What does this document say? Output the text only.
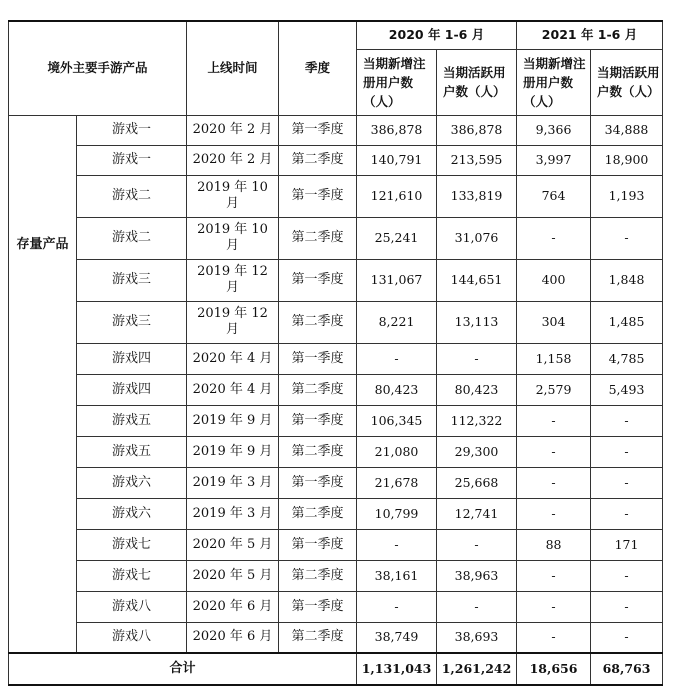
境外主要手游产品		上线时间	季度	2020 年 1-6 月		2021 年 1-6 月	
				当期新增注册用户数（人）	当期活跃用户数（人）	当期新增注册用户数（人）	当期活跃用户数（人）
存量产品	游戏一	2020 年 2 月	第一季度	386,878	386,878	9,366	34,888
	游戏一	2020 年 2 月	第二季度	140,791	213,595	3,997	18,900
	游戏二	2019 年 10 月	第一季度	121,610	133,819	764	1,193
	游戏二	2019 年 10 月	第二季度	25,241	31,076	-	-
	游戏三	2019 年 12 月	第一季度	131,067	144,651	400	1,848
	游戏三	2019 年 12 月	第二季度	8,221	13,113	304	1,485
	游戏四	2020 年 4 月	第一季度	-	-	1,158	4,785
	游戏四	2020 年 4 月	第二季度	80,423	80,423	2,579	5,493
	游戏五	2019 年 9 月	第一季度	106,345	112,322	-	-
	游戏五	2019 年 9 月	第二季度	21,080	29,300	-	-
	游戏六	2019 年 3 月	第一季度	21,678	25,668	-	-
	游戏六	2019 年 3 月	第二季度	10,799	12,741	-	-
	游戏七	2020 年 5 月	第一季度	-	-	88	171
	游戏七	2020 年 5 月	第二季度	38,161	38,963	-	-
	游戏八	2020 年 6 月	第一季度	-	-	-	-
	游戏八	2020 年 6 月	第二季度	38,749	38,693	-	-
合计				1,131,043	1,261,242	18,656	68,763
